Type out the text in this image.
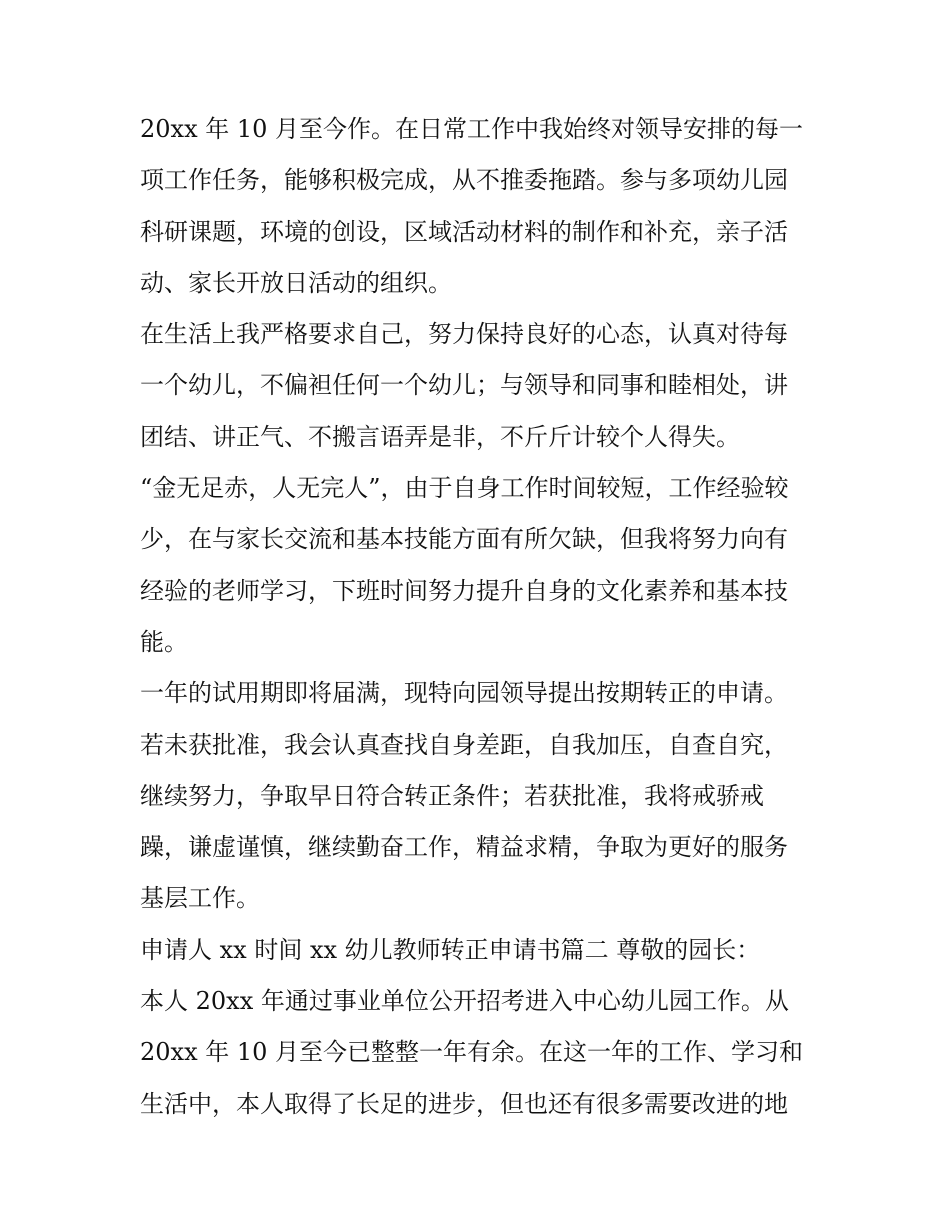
20xx 年 10 月至今作。在日常工作中我始终对领导安排的每一
项工作任务，能够积极完成，从不推委拖踏。参与多项幼儿园
科研课题，环境的创设，区域活动材料的制作和补充，亲子活
动、家长开放日活动的组织。
在生活上我严格要求自己，努力保持良好的心态，认真对待每
一个幼儿，不偏袒任何一个幼儿；与领导和同事和睦相处，讲
团结、讲正气、不搬言语弄是非，不斤斤计较个人得失。
“金无足赤，人无完人”，由于自身工作时间较短，工作经验较
少，在与家长交流和基本技能方面有所欠缺，但我将努力向有
经验的老师学习，下班时间努力提升自身的文化素养和基本技
能。
一年的试用期即将届满，现特向园领导提出按期转正的申请。
若未获批准，我会认真查找自身差距，自我加压，自查自究，
继续努力，争取早日符合转正条件；若获批准，我将戒骄戒
躁，谦虚谨慎，继续勤奋工作，精益求精，争取为更好的服务
基层工作。
申请人 xx 时间 xx 幼儿教师转正申请书篇二 尊敬的园长：
本人 20xx 年通过事业单位公开招考进入中心幼儿园工作。从
20xx 年 10 月至今已整整一年有余。在这一年的工作、学习和
生活中，本人取得了长足的进步，但也还有很多需要改进的地
